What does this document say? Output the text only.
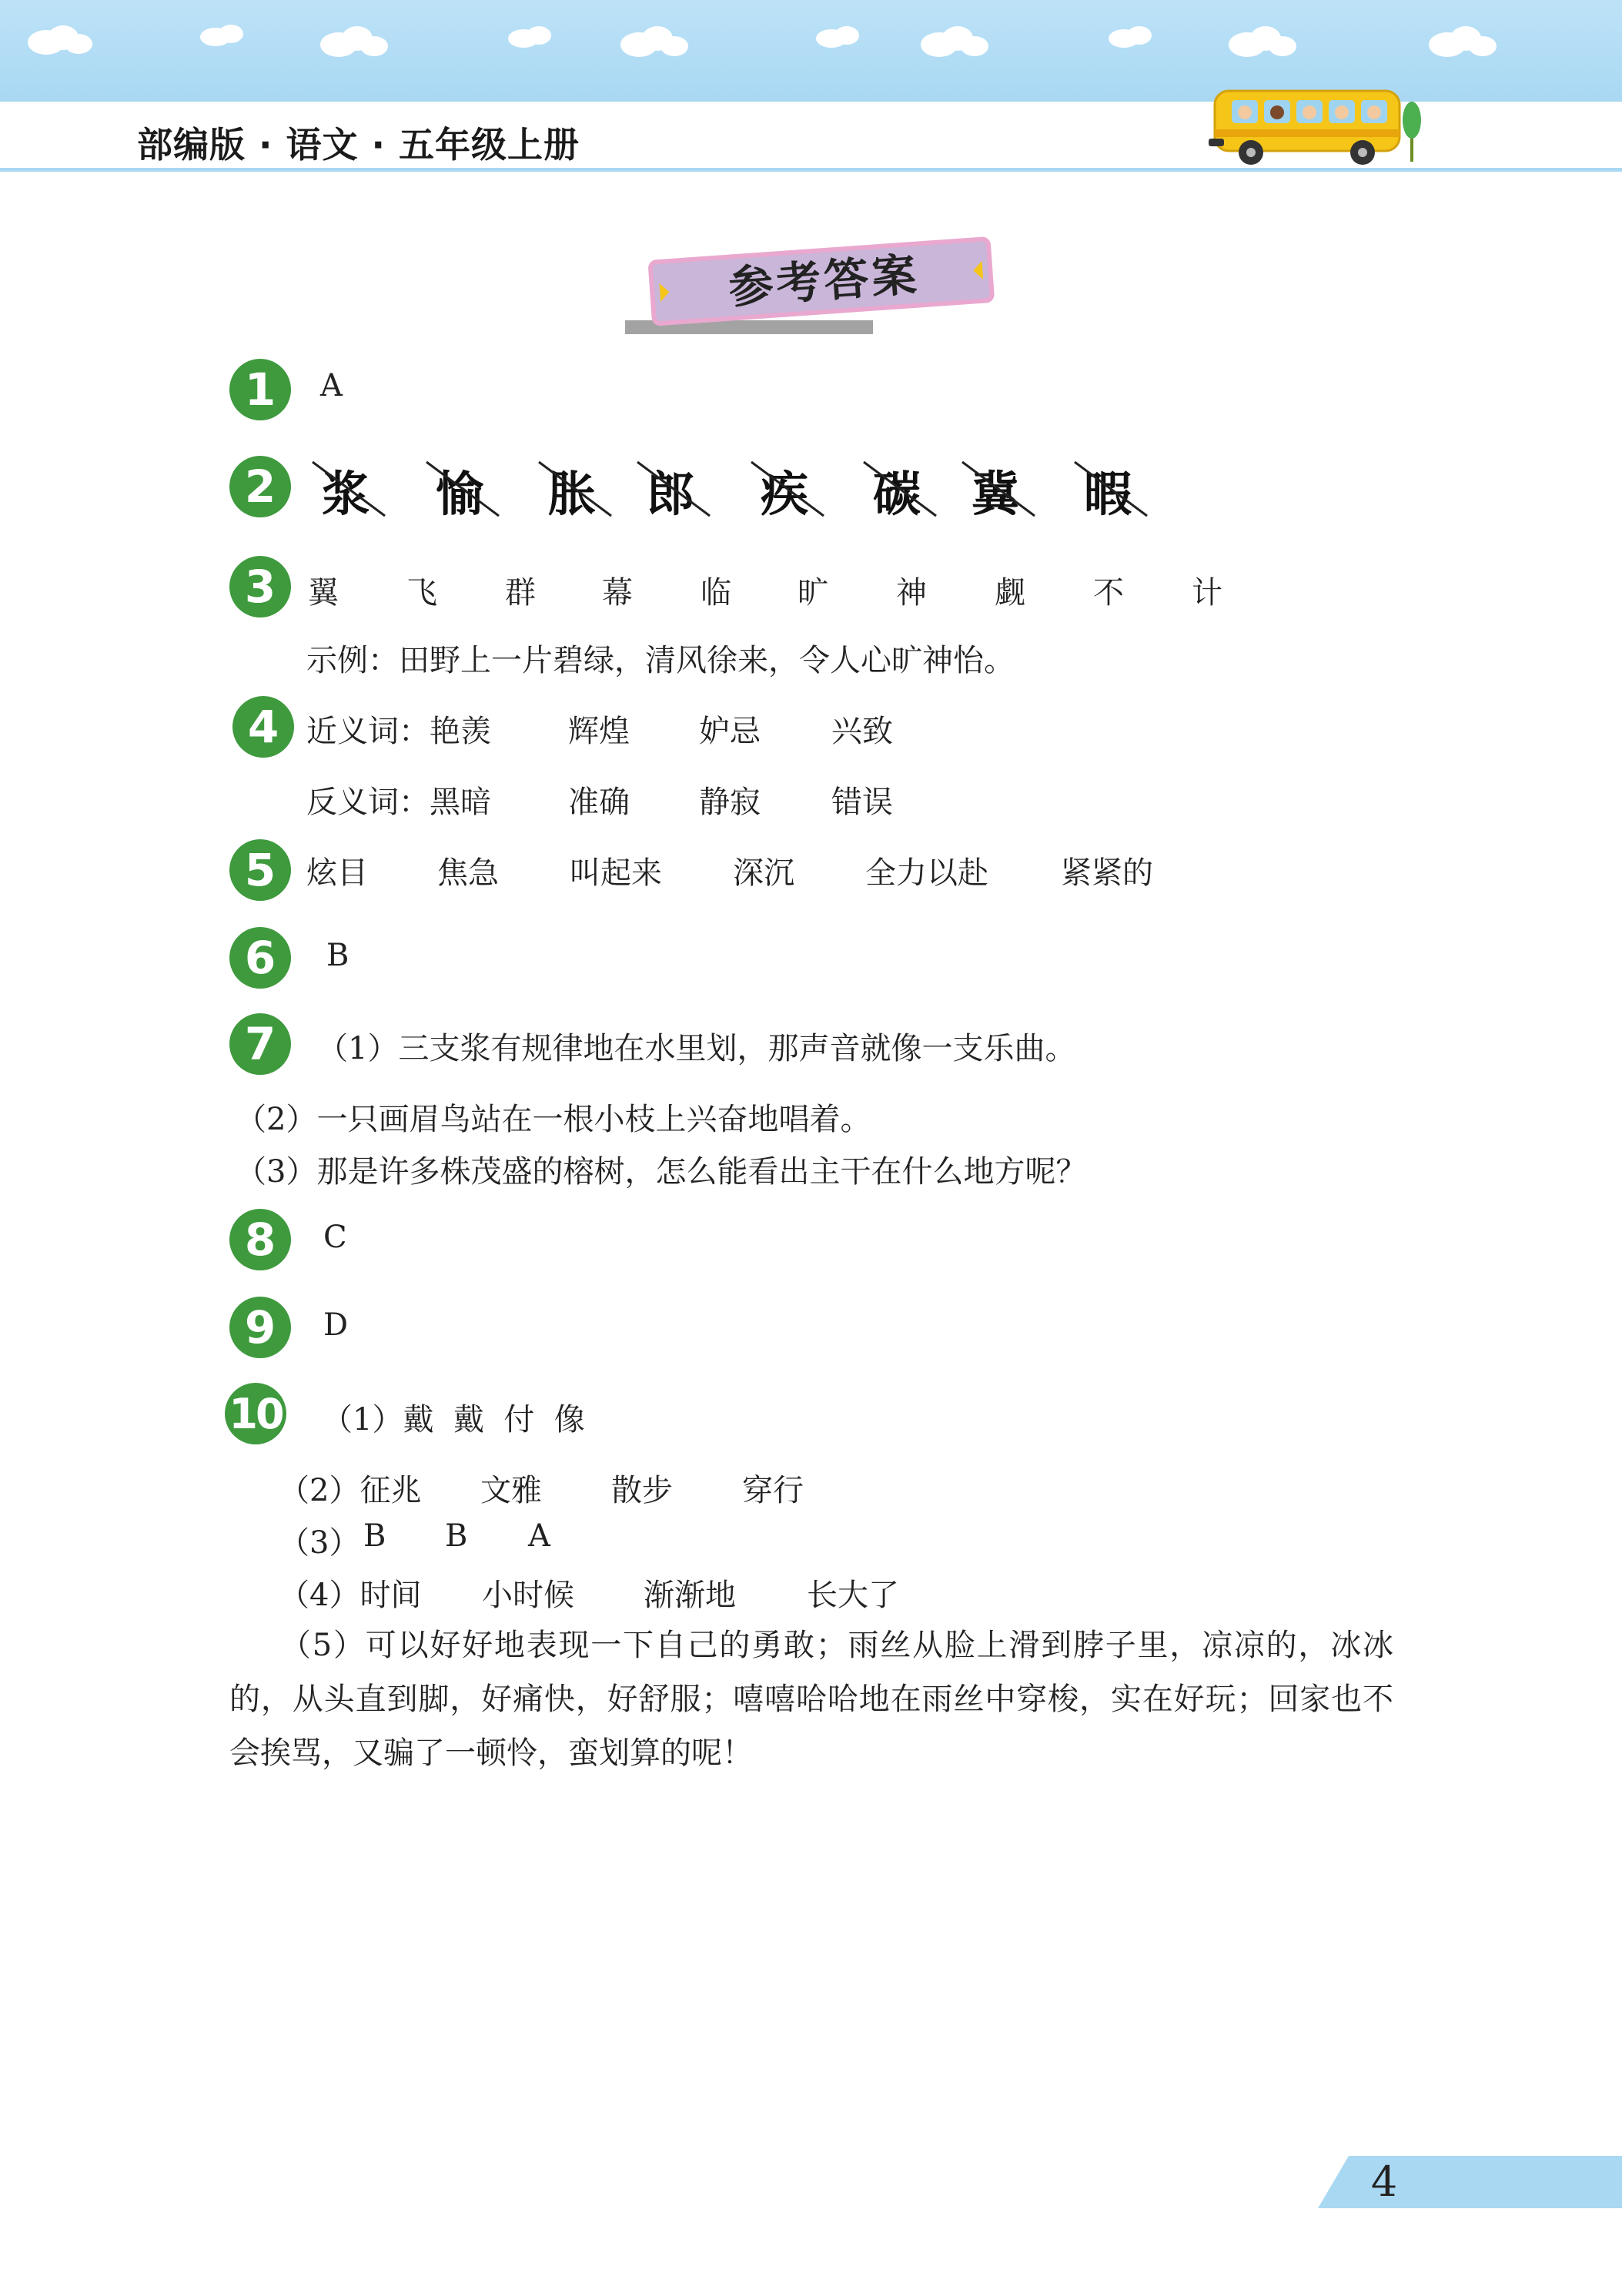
部编版 · 语文 · 五年级上册
参考答案
1	A
2 浆 愉 胀 郎 疾 碳 冀 暇
3	翼 飞 群 幕 临 旷 神 觑 不 计
示例：田野上一片碧绿，清风徐来，令人心旷神怡。
4 近义词：艳羡	辉煌 妒忌 兴致
反义词：黑暗	准确 静寂 错误
5 炫目 焦急 叫起来 深沉 全力以赴 紧紧的
6	B
7	（1）三支浆有规律地在水里划，那声音就像一支乐曲。
（2）一只画眉鸟站在一根小枝上兴奋地唱着。
（3）那是许多株茂盛的榕树，怎么能看出主干在什么地方呢？
8	C
9	D
10 （1）戴  戴  付  像
（2）征兆 文雅 散步 穿行
（3） B B A
（4）时间 小时候 渐渐地 长大了
（5）可以好好地表现一下自己的勇敢；雨丝从脸上滑到脖子里，凉凉的，冰冰的，从头直到脚，好痛快，好舒服；嘻嘻哈哈地在雨丝中穿梭，实在好玩；回家也不会挨骂，又骗了一顿怜，蛮划算的呢！
4
